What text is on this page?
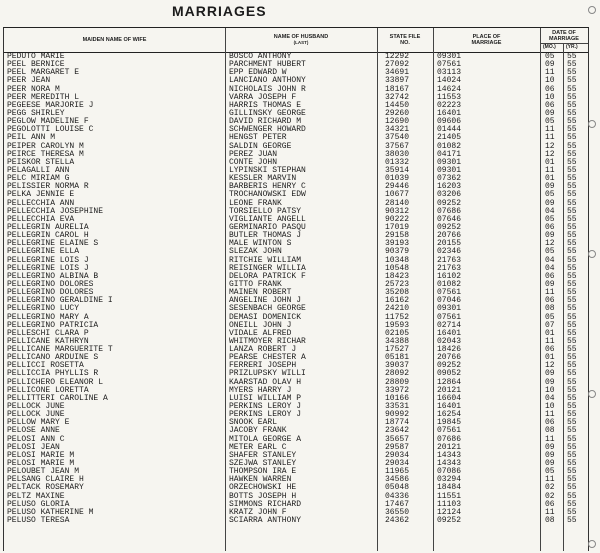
MARRIAGES
MAIDEN NAME OF WIFE	NAME OF HUSBAND
(LAST)
STATE FILE NO.
PLACE OF MARRIAGE
DATE OF MARRIAGE
(MO.) (YR.)
PEDUTO MARIE	BOSCO ANTHONY	12292	09301	05 55
PEEL BERNICE	PARCHMENT HUBERT	27092	07561	09 55
PEEL MARGARET E	EPP EDWARD W	34691	03113	11 55
PEER JEAN	LANCIANO ANTHONY	33897	14024	10 55
PEER NORA M	NICHOLAIS JOHN R	18167	14624	06 55
PEER MEREDITH L	VARRA JOSEPH F	32742	11553	10 55
PEGEESE MARJORIE J	HARRIS THOMAS E	14450	02223	06 55
PEGG SHIRLEY	GILLINSKY GEORGE	29260	16401	09 55
PEGLOW MADELINE F	DAVID RICHARD M	12690	09606	05 55
PEGOLOTTI LOUISE C	SCHWENGER HOWARD	34321	01444	11 55
PEIL ANN M	HENGST PETER	37540	21405	11 55
PEIPER CAROLYN M	SALDIN GEORGE	37567	01082	12 55
PEIRCE THERESA M	PEREZ JUAN	38030	04171	12 55
PEISKOR STELLA	CONTE JOHN	01332	09301	01 55
PELAGALLI ANN	LYPINSKI STEPHAN	35914	09301	11 55
PELC MIRIAM G	KESSLER MARVIN	01039	07362	01 55
PELISSIER NORMA R	BARBERIS HENRY C	29446	16203	09 55
PELKA JENNIE E	TROCHANOWSKI EDW	10677	03206	05 55
PELLECCHIA ANN	LEONE FRANK	28140	09252	09 55
PELLECCHIA JOSEPHINE	TORSIELLO PATSY	90312	07686	04 55
PELLECCHIA EVA	VIGLIANTE ANGELL	90222	07646	05 55
PELLEGRIN AURELIA	GERMINARIO PASQU	17019	09252	06 55
PELLEGRIN CAROL H	BUTLER THOMAS J	29158	20766	09 55
PELLEGRINE ELAINE S	MALE WINTON S	39193	20155	12 55
PELLEGRINE ELLA	SLEZAK JOHN	90379	02346	05 55
PELLEGRINE LOIS J	RITCHIE WILLIAM	10348	21763	04 55
PELLEGRINE LOIS J	REISINGER WILLIA	10548	21763	04 55
PELLEGRINO ALBINA B	DELORA PATRICK F	18423	16102	06 55
PELLEGRINO DOLORES	GITTO FRANK	25723	01082	09 55
PELLEGRINO DOLORES	MAINEN ROBERT	35208	07561	11 55
PELLEGRINO GERALDINE I	ANGELINE JOHN J	16162	07046	06 55
PELLEGRINO LUCY	SESENBACH GEORGE	24210	09301	08 55
PELLEGRINO MARY A	DEMASI DOMENICK	11752	07561	05 55
PELLEGRINO PATRICIA	ONEILL JOHN J	19593	02714	07 55
PELLESCHI CLARA P	VIDALE ALFRED	02105	16401	01 55
PELLICANE KATHRYN	WHITMOYER RICHAR	34388	02043	11 55
PELLICANE MARGUERITE T	LANZA ROBERT J	17527	18426	06 55
PELLICANO ARDUINE S	PEARSE CHESTER A	05181	20766	01 55
PELLICCI ROSETTA	FERRERI JOSEPH	39037	09252	12 55
PELLICCIA PHYLLIS R	PRIZLUPSKY WILLI	28092	09052	09 55
PELLICHERO ELEANOR L	KAARSTAD OLAV H	28809	12864	09 55
PELLICONE LORETTA	MYERS HARRY J	33972	20121	10 55
PELLITTERI CAROLINE A	LUISI WILLIAM P	10166	16604	04 55
PELLOCK JUNE	PERKINS LEROY J	33531	16401	10 55
PELLOCK JUNE	PERKINS LEROY J	90992	16254	11 55
PELLOW MARY E	SNOOK EARL	18774	19845	06 55
PELOSE ANNE	JACOBY FRANK	23642	07561	08 55
PELOSI ANN C	MITOLA GEORGE A	35657	07686	11 55
PELOSI JEAN	METER EARL C	29587	20121	09 55
PELOSI MARIE M	SHAFER STANLEY	29034	14343	09 55
PELOSI MARIE M	SZEJWA STANLEY	29034	14343	09 55
PELOUBET JEAN M	THOMPSON IRA E	11965	07086	05 55
PELSANG CLAIRE H	HAWKEN WARREN	34586	03294	11 55
PELTACK ROSEMARY	ORZECHOWSKI HE	05048	18484	02 55
PELTZ MAXINE	BOTTS JOSEPH H	04336	11551	02 55
PELUSO GLORIA	SIMMONS RICHARD	17467	11103	06 55
PELUSO KATHERINE M	KRATZ JOHN F	36550	12124	11 55
PELUSO TERESA	SCIARRA ANTHONY	24362	09252	08 55
